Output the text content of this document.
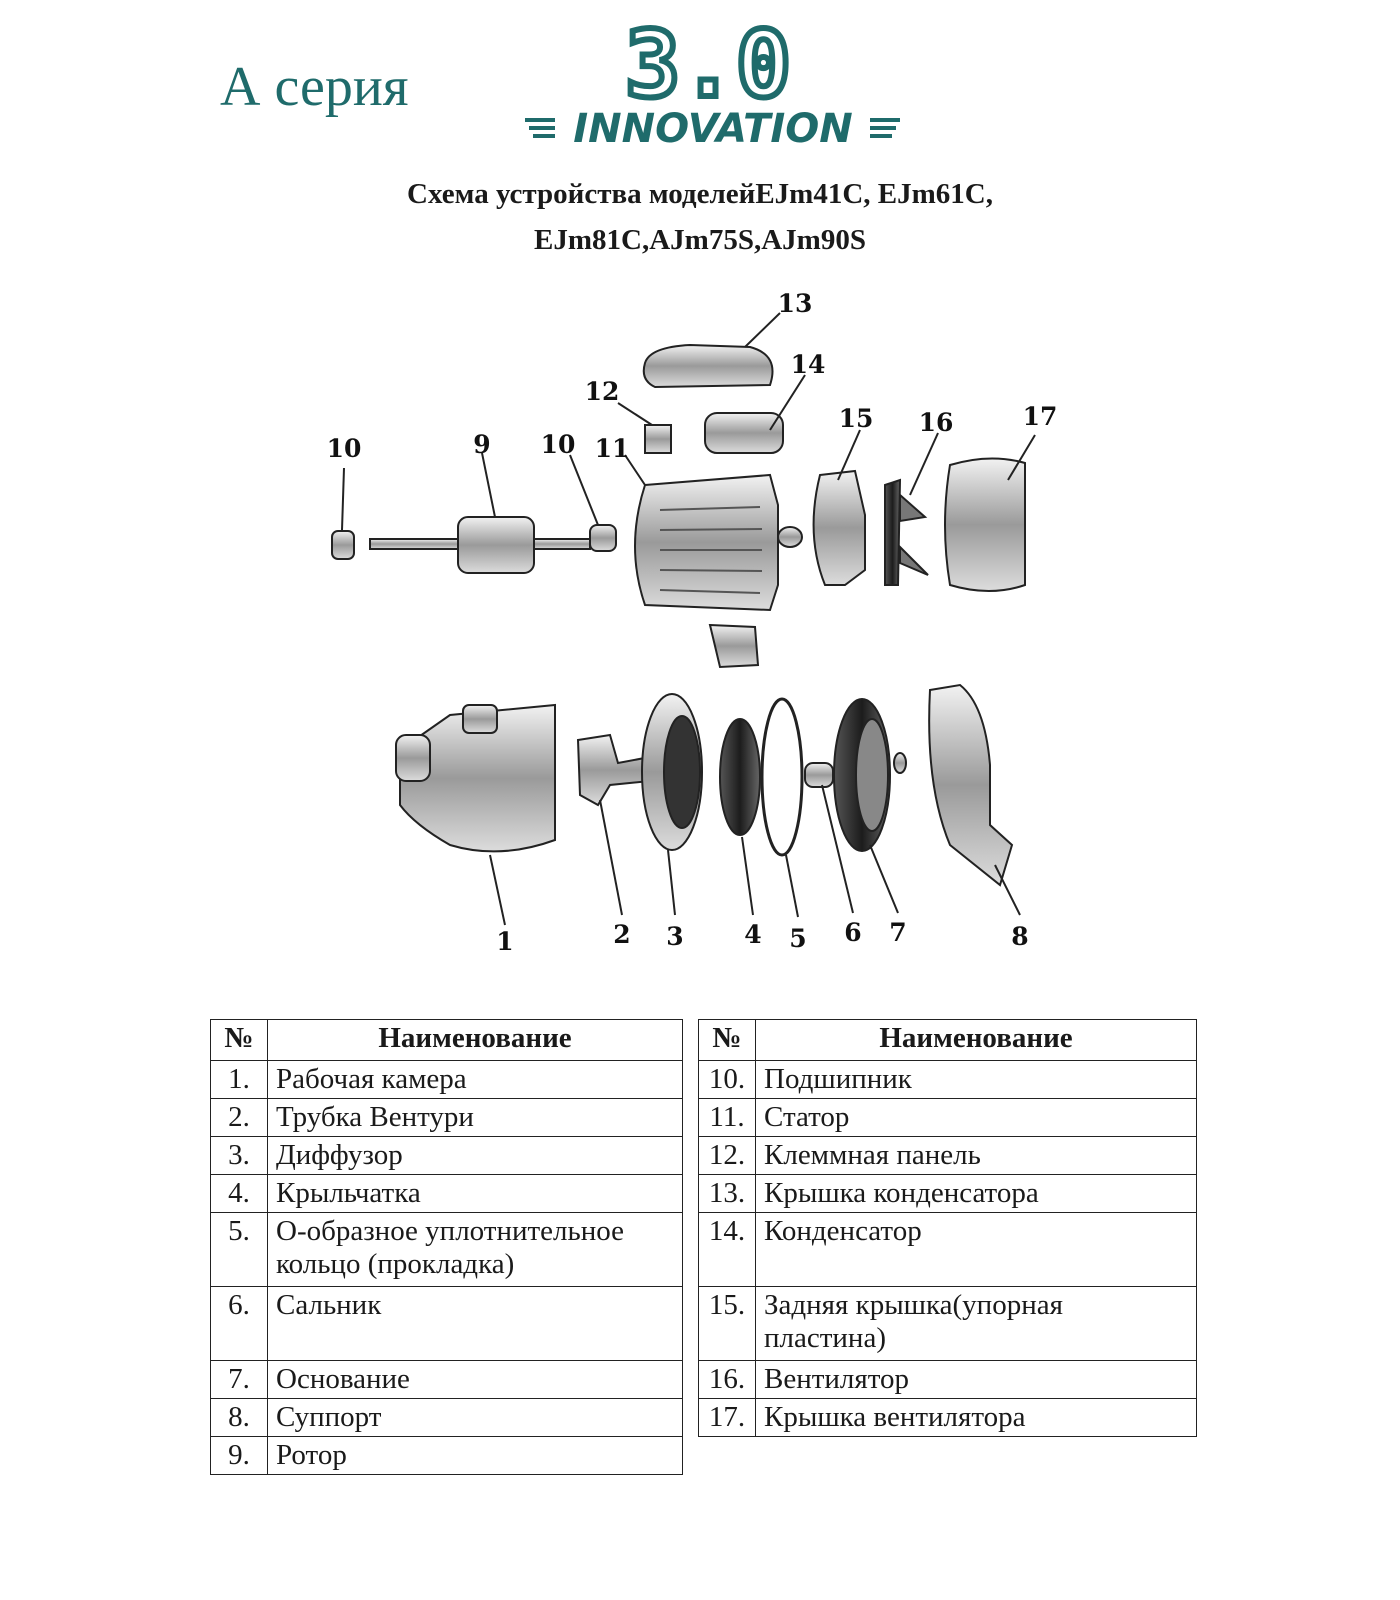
А серия 3.0
INNOVATION
Схема устройства моделейEJm41C, EJm61C,
EJm81C,AJm75S,AJm90S
1	2 3 4 5 6 7	8
9
10	10 11
12
13
14
15 16	17
№	Наименование
1.	Рабочая камера
2.	Трубка Вентури
3.	Диффузор
4.	Крыльчатка
5.	О-образное уплотнительное кольцо (прокладка)
6.	Сальник
7.	Основание
8.	Суппорт
9.	Ротор
№	Наименование
10.	Подшипник
11.	Статор
12.	Клеммная панель
13.	Крышка конденсатора
14.	Конденсатор
15.	Задняя крышка(упорная пластина)
16.	Вентилятор
17.	Крышка вентилятора
